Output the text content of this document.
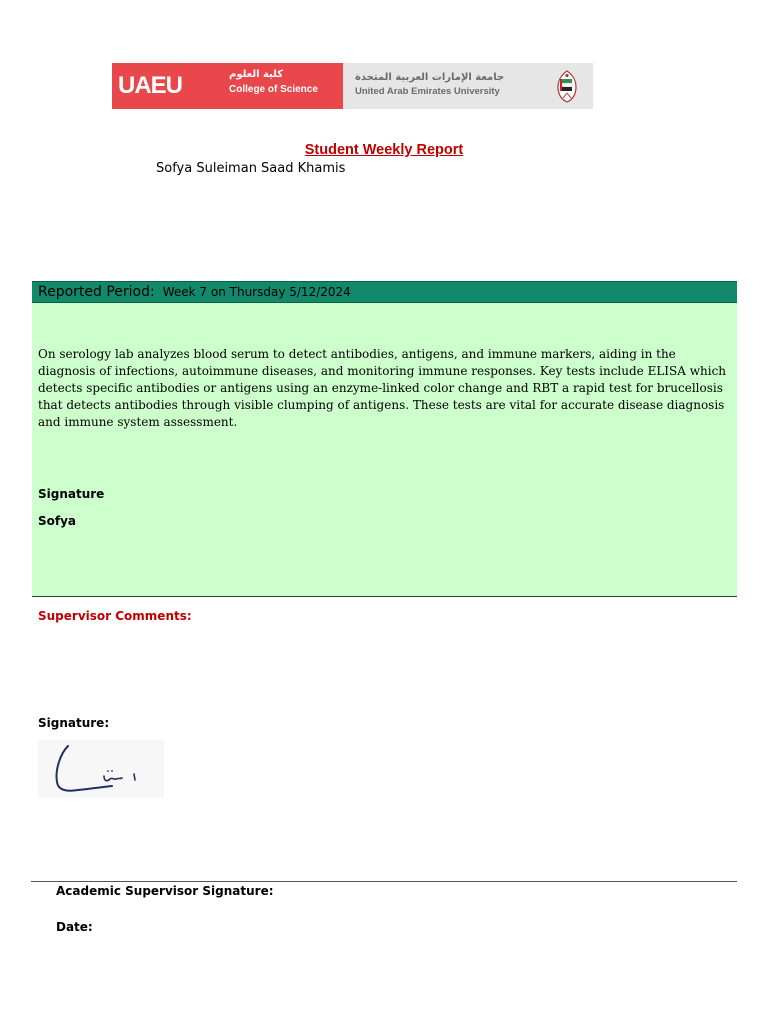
UAEU	كلية العلوم
College of Science
جامعة الإمارات العربية المتحدة
United Arab Emirates University
Student Weekly Report
Sofya Suleiman Saad Khamis
Reported Period: Week 7 on Thursday 5/12/2024
On serology lab analyzes blood serum to detect antibodies, antigens, and immune markers, aiding in the diagnosis of infections, autoimmune diseases, and monitoring immune responses. Key tests include ELISA which detects specific antibodies or antigens using an enzyme-linked color change and RBT a rapid test for brucellosis that detects antibodies through visible clumping of antigens. These tests are vital for accurate disease diagnosis and immune system assessment.
Signature
Sofya
Supervisor Comments:
Signature:
Academic Supervisor Signature:
Date:
